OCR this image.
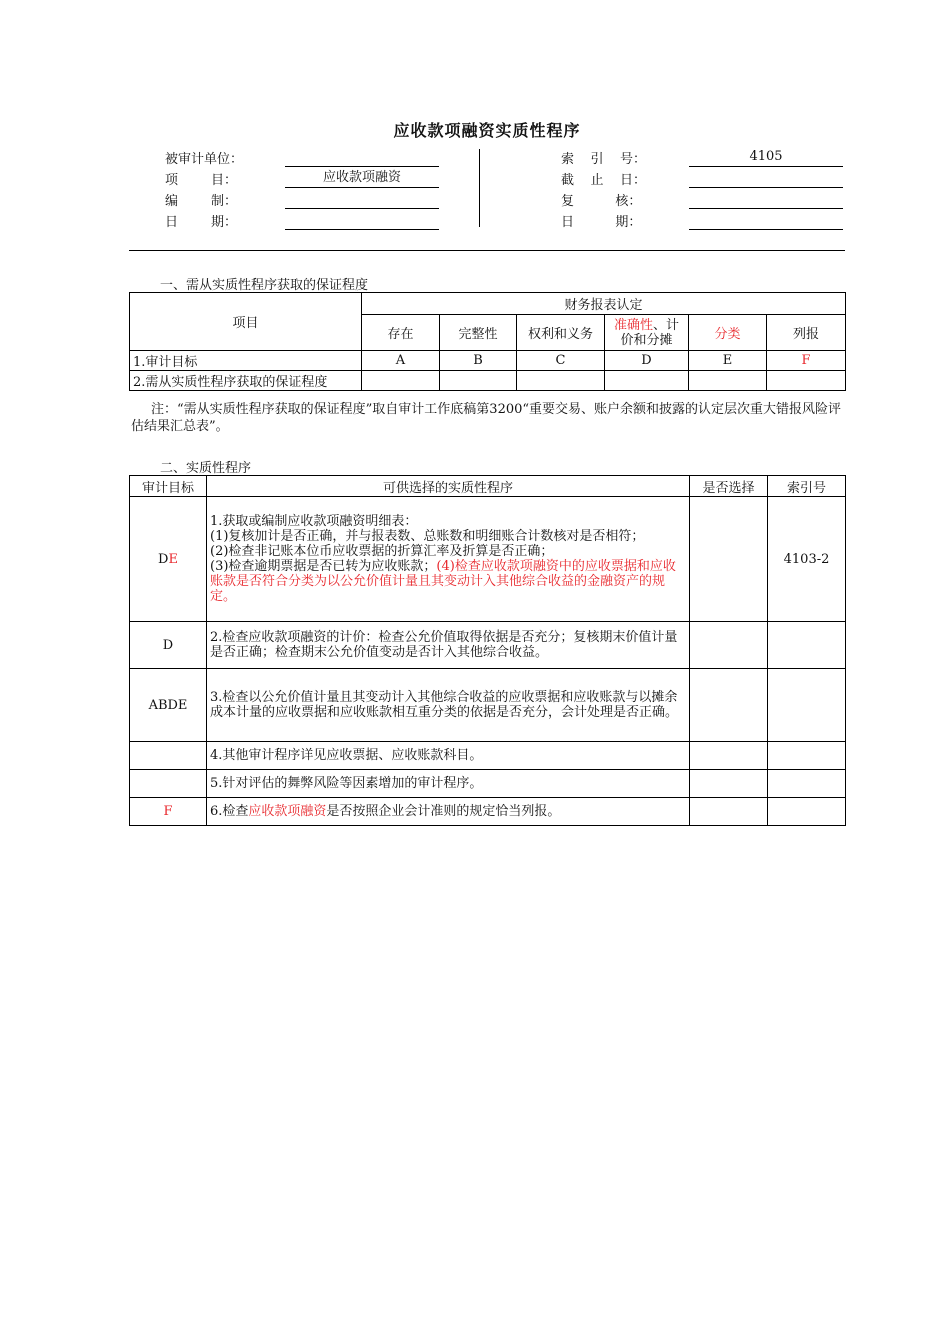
应收款项融资实质性程序
被审计单位：
项        目：	应收款项融资
编        制：
日        期：
索    引    号：	4105
截    止    日：
复          核：
日          期：
一、需从实质性程序获取的保证程度
项目	财务报表认定					
	存在	完整性	权利和义务	准确性、计价和分摊	分类	列报
1.审计目标	A	B	C	D	E	F
2.需从实质性程序获取的保证程度						
注：“需从实质性程序获取的保证程度”取自审计工作底稿第3200“重要交易、账户余额和披露的认定层次重大错报风险评估结果汇总表”。
二、实质性程序
审计目标	可供选择的实质性程序	是否选择	索引号
DE	1.获取或编制应收款项融资明细表：
(1)复核加计是否正确，并与报表数、总账数和明细账合计数核对是否相符；
(2)检查非记账本位币应收票据的折算汇率及折算是否正确；
(3)检查逾期票据是否已转为应收账款；(4)检查应收款项融资中的应收票据和应收账款是否符合分类为以公允价值计量且其变动计入其他综合收益的金融资产的规定。		4103-2
D	2.检查应收款项融资的计价：检查公允价值取得依据是否充分；复核期末价值计量是否正确；检查期末公允价值变动是否计入其他综合收益。		
ABDE	3.检查以公允价值计量且其变动计入其他综合收益的应收票据和应收账款与以摊余成本计量的应收票据和应收账款相互重分类的依据是否充分，会计处理是否正确。		
	4.其他审计程序详见应收票据、应收账款科目。		
	5.针对评估的舞弊风险等因素增加的审计程序。		
F	6.检查应收款项融资是否按照企业会计准则的规定恰当列报。		
